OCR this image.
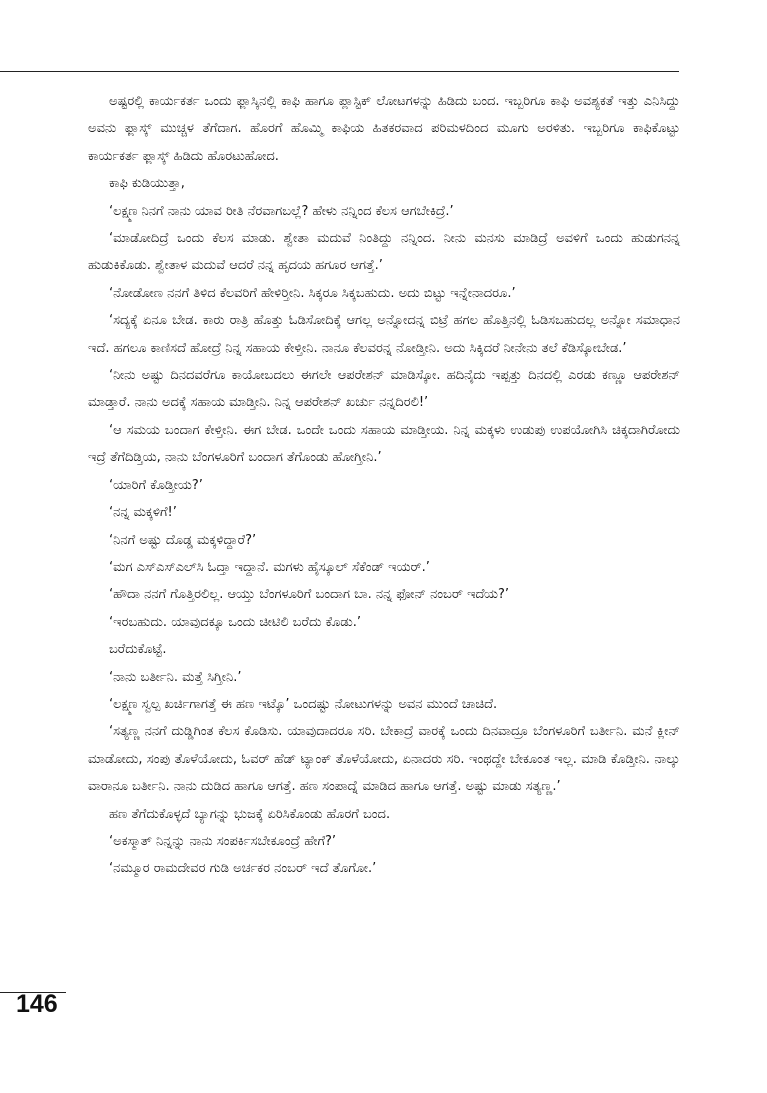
ಅಷ್ಟರಲ್ಲಿ ಕಾರ್ಯಕರ್ತ ಒಂದು ಫ್ಲಾಸ್ಕಿನಲ್ಲಿ ಕಾಫಿ ಹಾಗೂ ಪ್ಲಾಸ್ಟಿಕ್ ಲೋಟಗಳನ್ನು ಹಿಡಿದು ಬಂದ. ಇಬ್ಬರಿಗೂ ಕಾಫಿ ಅವಶ್ಯಕತೆ ಇತ್ತು ಎನಿಸಿದ್ದು ಅವನು ಫ್ಲಾಸ್ಕ್ ಮುಚ್ಚಳ ತೆಗೆದಾಗ. ಹೊರಗೆ ಹೊಮ್ಮಿ ಕಾಫಿಯ ಹಿತಕರವಾದ ಪರಿಮಳದಿಂದ ಮೂಗು ಅರಳಿತು. ಇಬ್ಬರಿಗೂ ಕಾಫಿಕೊಟ್ಟು ಕಾರ್ಯಕರ್ತ ಫ್ಲಾಸ್ಕ್ ಹಿಡಿದು ಹೊರಟುಹೋದ.

ಕಾಫಿ ಕುಡಿಯುತ್ತಾ,

‘ಲಕ್ಷ್ಮಣ ನಿನಗೆ ನಾನು ಯಾವ ರೀತಿ ನೆರವಾಗಬಲ್ಲೆ? ಹೇಳು ನನ್ನಿಂದ ಕೆಲಸ ಆಗಬೇಕಿದ್ರೆ.’

‘ಮಾಡೋದಿದ್ರೆ ಒಂದು ಕೆಲಸ ಮಾಡು. ಶ್ವೇತಾ ಮದುವೆ ನಿಂತಿದ್ದು ನನ್ನಿಂದ. ನೀನು ಮನಸು ಮಾಡಿದ್ರೆ ಅವಳಿಗೆ ಒಂದು ಹುಡುಗನನ್ನ ಹುಡುಕಿಕೊಡು. ಶ್ವೇತಾಳ ಮದುವೆ ಆದರೆ ನನ್ನ ಹೃದಯ ಹಗೂರ ಆಗತ್ತೆ.’

‘ನೋಡೋಣ ನನಗೆ ತಿಳಿದ ಕೆಲವರಿಗೆ ಹೇಳಿರ್‍ತೀನಿ. ಸಿಕ್ಕರೂ ಸಿಕ್ಕಬಹುದು. ಅದು ಬಿಟ್ಟು ಇನ್ನೇನಾದರೂ.’

‘ಸದ್ಯಕ್ಕೆ ಏನೂ ಬೇಡ. ಕಾರು ರಾತ್ರಿ ಹೊತ್ತು ಓಡಿಸೋದಿಕ್ಕೆ ಆಗಲ್ಲ ಅನ್ನೋದನ್ನ ಬಿಟ್ರೆ ಹಗಲ ಹೊತ್ತಿನಲ್ಲಿ ಓಡಿಸಬಹುದಲ್ಲ ಅನ್ನೋ ಸಮಾಧಾನ ಇದೆ. ಹಗಲೂ ಕಾಣಿಸದೆ ಹೋದ್ರೆ ನಿನ್ನ ಸಹಾಯ ಕೇಳ್ತೀನಿ. ನಾನೂ ಕೆಲವರನ್ನ ನೋಡ್ತೀನಿ. ಅದು ಸಿಕ್ಕಿದರೆ ನೀನೇನು ತಲೆ ಕೆಡಿಸ್ಕೋಬೇಡ.’

‘ನೀನು ಅಷ್ಟು ದಿನದವರೆಗೂ ಕಾಯೋಬದಲು ಈಗಲೇ ಆಪರೇಶನ್ ಮಾಡಿಸ್ಕೋ. ಹದಿನೈದು ಇಪ್ಪತ್ತು ದಿನದಲ್ಲಿ ಎರಡು ಕಣ್ಣೂ ಆಪರೇಶನ್ ಮಾಡ್ತಾರೆ. ನಾನು ಅದಕ್ಕೆ ಸಹಾಯ ಮಾಡ್ತೀನಿ. ನಿನ್ನ ಆಪರೇಶನ್ ಖರ್ಚು ನನ್ನದಿರಲಿ!’

‘ಆ ಸಮಯ ಬಂದಾಗ ಕೇಳ್ತೀನಿ. ಈಗ ಬೇಡ. ಒಂದೇ ಒಂದು ಸಹಾಯ ಮಾಡ್ತೀಯ. ನಿನ್ನ ಮಕ್ಕಳು ಉಡುಪು ಉಪಯೋಗಿಸಿ ಚಿಕ್ಕದಾಗಿರೋದು ಇದ್ರೆ ತೆಗೆದಿಡ್ತಿಯ, ನಾನು ಬೆಂಗಳೂರಿಗೆ ಬಂದಾಗ ತೆಗೊಂಡು ಹೋಗ್ತೀನಿ.’

‘ಯಾರಿಗೆ ಕೊಡ್ತೀಯ?’

‘ನನ್ನ ಮಕ್ಕಳಿಗೆ!’

‘ನಿನಗೆ ಅಷ್ಟು ದೊಡ್ಡ ಮಕ್ಕಳಿದ್ದಾರೆ?’

‘ಮಗ ಎಸ್‌ಎಸ್‌ಎಲ್‌ಸಿ ಓದ್ತಾ ಇದ್ದಾನೆ. ಮಗಳು ಹೈಸ್ಕೂಲ್ ಸೆಕೆಂಡ್ ಇಯರ್.’

‘ಹೌದಾ ನನಗೆ ಗೊತ್ತಿರಲಿಲ್ಲ. ಆಯ್ತು ಬೆಂಗಳೂರಿಗೆ ಬಂದಾಗ ಬಾ. ನನ್ನ ಫೋನ್ ನಂಬರ್ ಇದೆಯ?’

‘ಇರಬಹುದು. ಯಾವುದಕ್ಕೂ ಒಂದು ಚೀಟಿಲಿ ಬರೆದು ಕೊಡು.’

ಬರೆದುಕೊಟ್ಟೆ.

‘ನಾನು ಬರ್ತೀನಿ. ಮತ್ತೆ ಸಿಗ್ತೀನಿ.’

‘ಲಕ್ಷ್ಮಣ ಸ್ವಲ್ಪ ಖರ್ಚಿಗಾಗತ್ತೆ ಈ ಹಣ ಇಟ್ಕೊ’ ಒಂದಷ್ಟು ನೋಟುಗಳನ್ನು ಅವನ ಮುಂದೆ ಚಾಚಿದೆ.

‘ಸತ್ಯಣ್ಣ ನನಗೆ ದುಡ್ಡಿಗಿಂತ ಕೆಲಸ ಕೊಡಿಸು. ಯಾವುದಾದರೂ ಸರಿ. ಬೇಕಾದ್ರೆ ವಾರಕ್ಕೆ ಒಂದು ದಿನವಾದ್ರೂ ಬೆಂಗಳೂರಿಗೆ ಬರ್ತೀನಿ. ಮನೆ ಕ್ಲೀನ್ ಮಾಡೋದು, ಸಂಪು ತೊಳೆಯೋದು, ಓವರ್ ಹೆಡ್ ಟ್ಯಾಂಕ್ ತೊಳೆಯೋದು, ಏನಾದರು ಸರಿ. ಇಂಥದ್ದೇ ಬೇಕೂಂತ ಇಲ್ಲ. ಮಾಡಿ ಕೊಡ್ತೀನಿ. ನಾಲ್ಕು ವಾರಾನೂ ಬರ್ತೀನಿ. ನಾನು ದುಡಿದ ಹಾಗೂ ಆಗತ್ತೆ. ಹಣ ಸಂಪಾದ್ನೆ ಮಾಡಿದ ಹಾಗೂ ಆಗತ್ತೆ. ಅಷ್ಟು ಮಾಡು ಸತ್ಯಣ್ಣ.’

ಹಣ ತೆಗೆದುಕೊಳ್ಳದೆ ಬ್ಯಾಗನ್ನು ಭುಜಕ್ಕೆ ಏರಿಸಿಕೊಂಡು ಹೊರಗೆ ಬಂದ.

‘ಅಕಸ್ಮಾತ್ ನಿನ್ನನ್ನು ನಾನು ಸಂಪರ್ಕಿಸಬೇಕೂಂದ್ರೆ ಹೇಗೆ?’

‘ನಮ್ಮೂರ ರಾಮದೇವರ ಗುಡಿ ಅರ್ಚಕರ ನಂಬರ್ ಇದೆ ತೊಗೋ.’

146
